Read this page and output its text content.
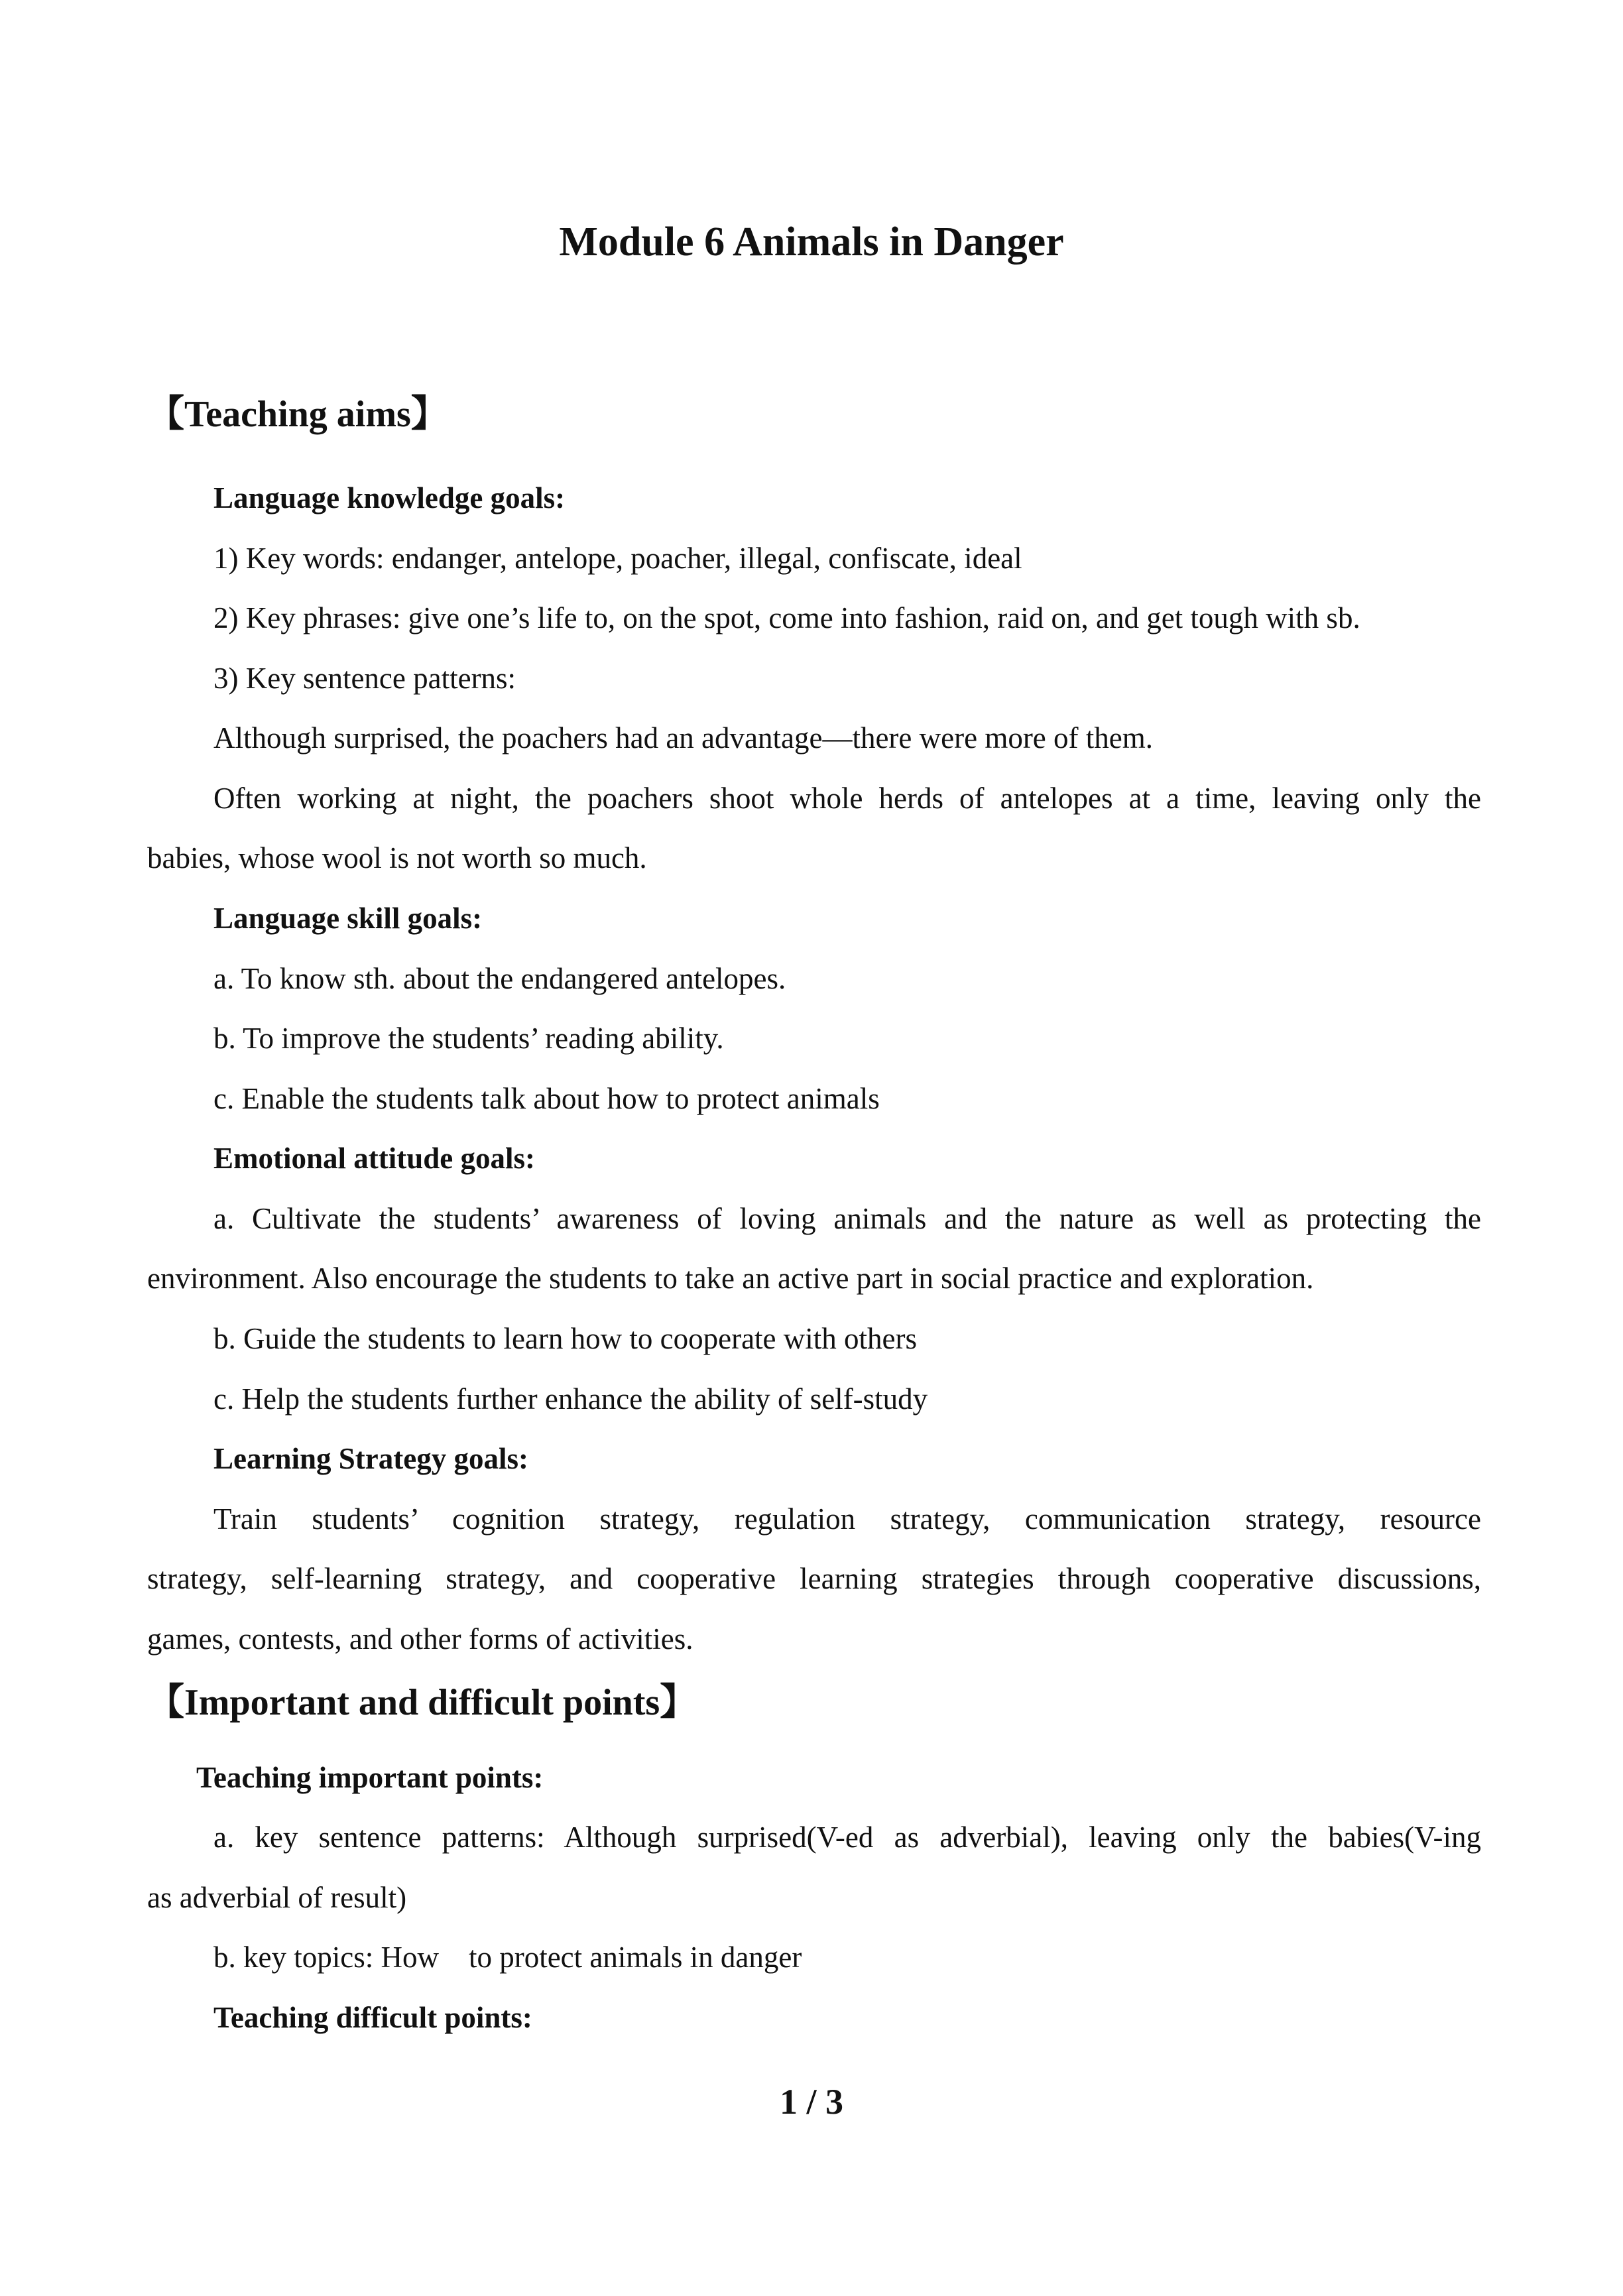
Module 6 Animals in Danger
【Teaching aims】

Language knowledge goals:

1) Key words: endanger, antelope, poacher, illegal, confiscate, ideal

2) Key phrases: give one’s life to, on the spot, come into fashion, raid on, and get tough with sb.

3) Key sentence patterns:

Although surprised, the poachers had an advantage—there were more of them.

Often working at night, the poachers shoot whole herds of antelopes at a time, leaving only the

babies, whose wool is not worth so much.

Language skill goals:

a. To know sth. about the endangered antelopes.

b. To improve the students’ reading ability.

c. Enable the students talk about how to protect animals

Emotional attitude goals:

a. Cultivate the students’ awareness of loving animals and the nature as well as protecting the

environment. Also encourage the students to take an active part in social practice and exploration.

b. Guide the students to learn how to cooperate with others

c. Help the students further enhance the ability of self-study

Learning Strategy goals:

Train students’ cognition strategy, regulation strategy, communication strategy, resource

strategy, self-learning strategy, and cooperative learning strategies through cooperative discussions,

games, contests, and other forms of activities.

【Important and difficult points】

Teaching important points:

a. key sentence patterns: Although surprised(V-ed as adverbial), leaving only the babies(V-ing

as adverbial of result)

b. key topics: How    to protect animals in danger

Teaching difficult points:

1 / 3
